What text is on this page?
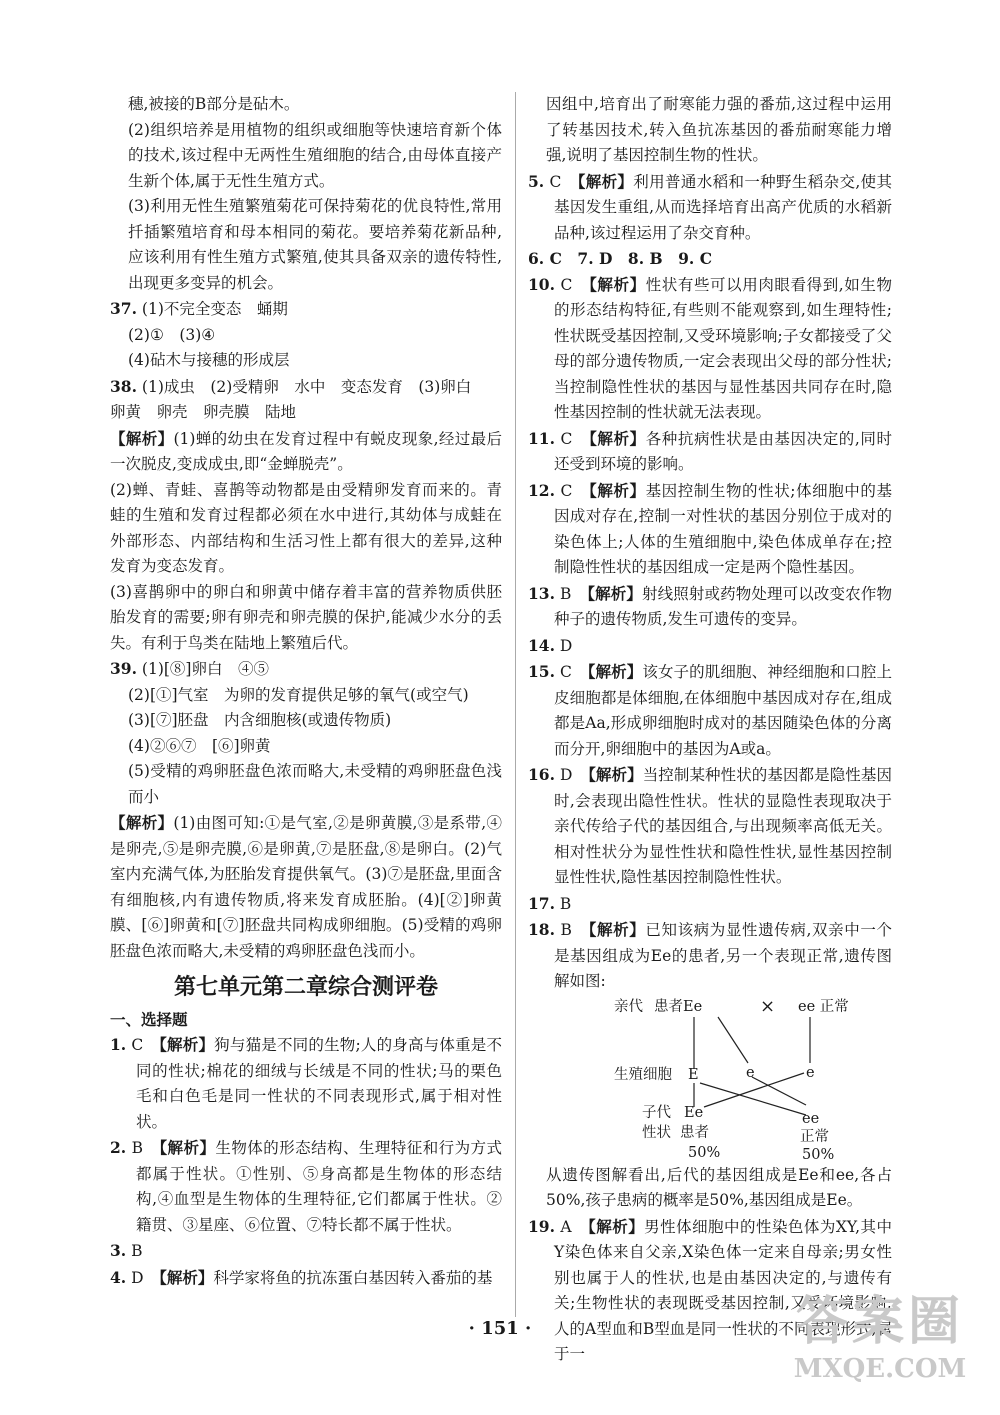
穗,被接的B部分是砧木。

(2)组织培养是用植物的组织或细胞等快速培育新个体的技术,该过程中无两性生殖细胞的结合,由母体直接产生新个体,属于无性生殖方式。

(3)利用无性生殖繁殖菊花可保持菊花的优良特性,常用扦插繁殖培育和母本相同的菊花。要培养菊花新品种,应该利用有性生殖方式繁殖,使其具备双亲的遗传特性,出现更多变异的机会。

37. (1)不完全变态　蛹期

(2)①　(3)④

(4)砧木与接穗的形成层

38. (1)成虫　(2)受精卵　水中　变态发育　(3)卵白

卵黄　卵壳　卵壳膜　陆地

【解析】(1)蝉的幼虫在发育过程中有蜕皮现象,经过最后一次脱皮,变成成虫,即“金蝉脱壳”。

(2)蝉、青蛙、喜鹊等动物都是由受精卵发育而来的。青蛙的生殖和发育过程都必须在水中进行,其幼体与成蛙在外部形态、内部结构和生活习性上都有很大的差异,这种发育为变态发育。

(3)喜鹊卵中的卵白和卵黄中储存着丰富的营养物质供胚胎发育的需要;卵有卵壳和卵壳膜的保护,能减少水分的丢失。有利于鸟类在陆地上繁殖后代。

39. (1)[⑧]卵白　④⑤

(2)[①]气室　为卵的发育提供足够的氧气(或空气)

(3)[⑦]胚盘　内含细胞核(或遗传物质)

(4)②⑥⑦　[⑥]卵黄

(5)受精的鸡卵胚盘色浓而略大,未受精的鸡卵胚盘色浅而小

【解析】(1)由图可知:①是气室,②是卵黄膜,③是系带,④是卵壳,⑤是卵壳膜,⑥是卵黄,⑦是胚盘,⑧是卵白。(2)气室内充满气体,为胚胎发育提供氧气。(3)⑦是胚盘,里面含有细胞核,内有遗传物质,将来发育成胚胎。(4)[②]卵黄膜、[⑥]卵黄和[⑦]胚盘共同构成卵细胞。(5)受精的鸡卵胚盘色浓而略大,未受精的鸡卵胚盘色浅而小。

第七单元第二章综合测评卷
一、选择题

1. C　 【解析】狗与猫是不同的生物;人的身高与体重是不同的性状;棉花的细绒与长绒是不同的性状;马的栗色毛和白色毛是同一性状的不同表现形式,属于相对性状。

2. B　 【解析】生物体的形态结构、生理特征和行为方式都属于性状。①性别、⑤身高都是生物体的形态结构,④血型是生物体的生理特征,它们都属于性状。②籍贯、③星座、⑥位置、⑦特长都不属于性状。

3. B

4. D　 【解析】科学家将鱼的抗冻蛋白基因转入番茄的基

因组中,培育出了耐寒能力强的番茄,这过程中运用了转基因技术,转入鱼抗冻基因的番茄耐寒能力增强,说明了基因控制生物的性状。

5. C　 【解析】利用普通水稻和一种野生稻杂交,使其基因发生重组,从而选择培育出高产优质的水稻新品种,该过程运用了杂交育种。

6. C　7. D　8. B　9. C

10. C　 【解析】性状有些可以用肉眼看得到,如生物的形态结构特征,有些则不能观察到,如生理特性;性状既受基因控制,又受环境影响;子女都接受了父母的部分遗传物质,一定会表现出父母的部分性状;当控制隐性性状的基因与显性基因共同存在时,隐性基因控制的性状就无法表现。

11. C　 【解析】各种抗病性状是由基因决定的,同时还受到环境的影响。

12. C　 【解析】基因控制生物的性状;体细胞中的基因成对存在,控制一对性状的基因分别位于成对的染色体上;人体的生殖细胞中,染色体成单存在;控制隐性性状的基因组成一定是两个隐性基因。

13. B　 【解析】射线照射或药物处理可以改变农作物种子的遗传物质,发生可遗传的变异。

14. D

15. C　 【解析】该女子的肌细胞、神经细胞和口腔上皮细胞都是体细胞,在体细胞中基因成对存在,组成都是Aa,形成卵细胞时成对的基因随染色体的分离而分开,卵细胞中的基因为A或a。

16. D　 【解析】当控制某种性状的基因都是隐性基因时,会表现出隐性性状。性状的显隐性表现取决于亲代传给子代的基因组合,与出现频率高低无关。相对性状分为显性性状和隐性性状,显性基因控制显性性状,隐性基因控制隐性性状。

17. B

18. B　 【解析】已知该病为显性遗传病,双亲中一个是基因组成为Ee的患者,另一个表现正常,遗传图解如图:

亲代 患者Ee	× ee 正常
生殖细胞 E	e	e
子代
性状
Ee
患者
50%
ee
正常
50%

从遗传图解看出,后代的基因组成是Ee和ee,各占50%,孩子患病的概率是50%,基因组成是Ee。

19. A　 【解析】男性体细胞中的性染色体为XY,其中Y染色体来自父亲,X染色体一定来自母亲;男女性别也属于人的性状,也是由基因决定的,与遗传有关;生物性状的表现既受基因控制,又受环境影响;人的A型血和B型血是同一性状的不同表现形式,属于一

· 151 ·	答案圈
MXQE.COM
